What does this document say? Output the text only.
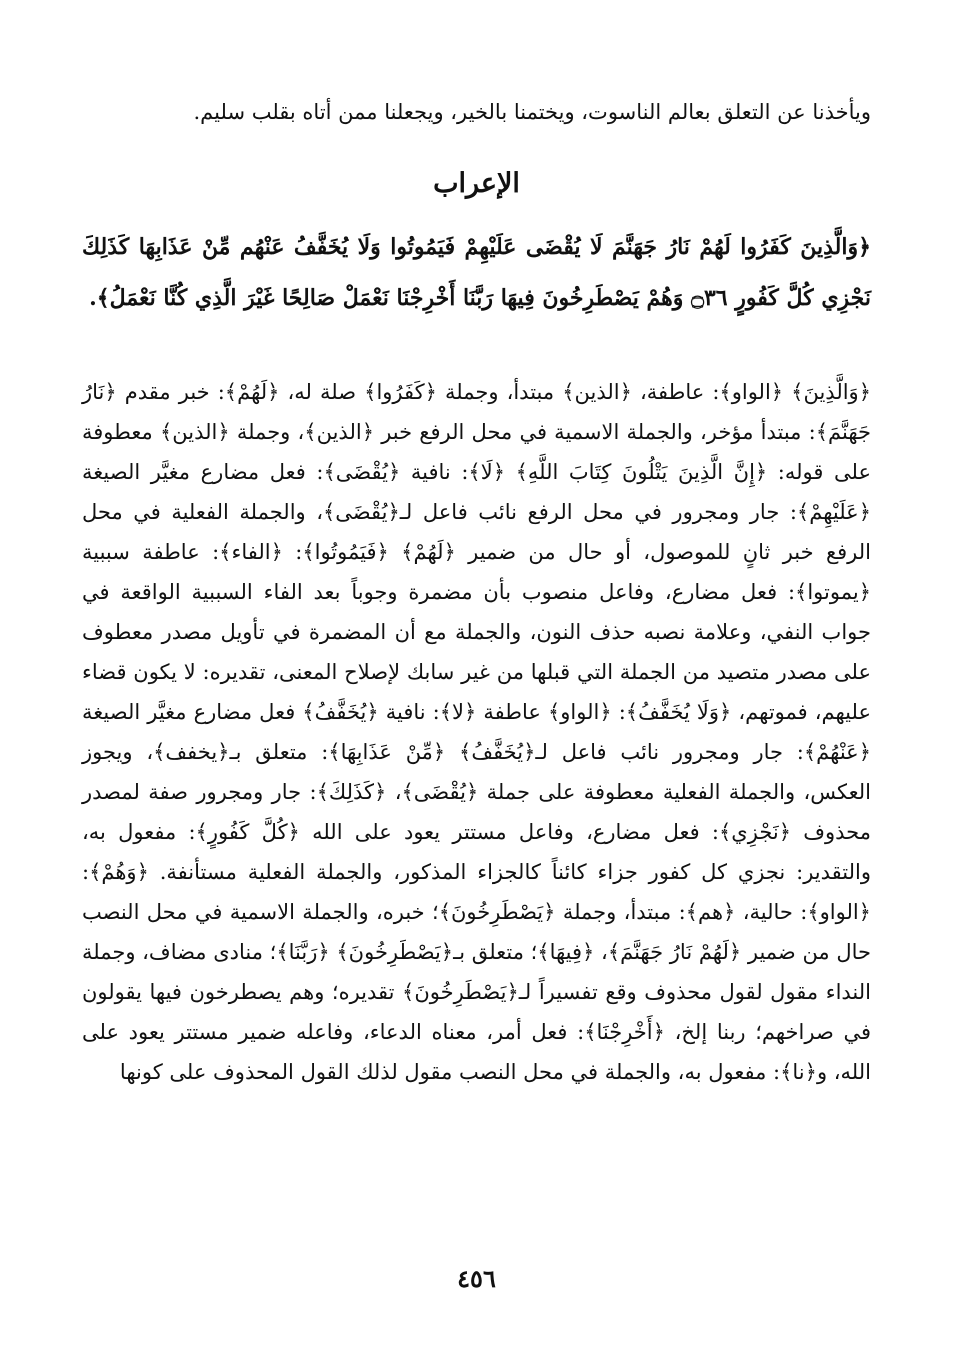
ويأخذنا عن التعلق بعالم الناسوت، ويختمنا بالخير، ويجعلنا ممن أتاه بقلب سليم.

الإعراب

﴿وَالَّذِينَ كَفَرُوا لَهُمْ نَارُ جَهَنَّمَ لَا يُقْضَى عَلَيْهِمْ فَيَمُوتُوا وَلَا يُخَفَّفُ عَنْهُم مِّنْ عَذَابِهَا كَذَلِكَ نَجْزِي كُلَّ كَفُورٍ ۝٣٦ وَهُمْ يَصْطَرِخُونَ فِيهَا رَبَّنَا أَخْرِجْنَا نَعْمَلْ صَالِحًا غَيْرَ الَّذِي كُنَّا نَعْمَلُ﴾.

﴿وَالَّذِينَ﴾ ﴿الواو﴾: عاطفة، ﴿الذين﴾ مبتدأ، وجملة ﴿كَفَرُوا﴾ صلة له، ﴿لَهُمْ﴾: خبر مقدم ﴿نَارُ جَهَنَّمَ﴾: مبتدأ مؤخر، والجملة الاسمية في محل الرفع خبر ﴿الذين﴾، وجملة ﴿الذين﴾ معطوفة على قوله: ﴿إِنَّ الَّذِينَ يَتْلُونَ كِتَابَ اللَّهِ﴾ ﴿لَا﴾: نافية ﴿يُقْضَى﴾: فعل مضارع مغيَّر الصيغة ﴿عَلَيْهِمْ﴾: جار ومجرور في محل الرفع نائب فاعل لـ﴿يُقْضَى﴾، والجملة الفعلية في محل الرفع خبر ثانٍ للموصول، أو حال من ضمير ﴿لَهُمْ﴾ ﴿فَيَمُوتُوا﴾: ﴿الفاء﴾: عاطفة سببية ﴿يموتوا﴾: فعل مضارع، وفاعل منصوب بأن مضمرة وجوباً بعد الفاء السببية الواقعة في جواب النفي، وعلامة نصبه حذف النون، والجملة مع أن المضمرة في تأويل مصدر معطوف على مصدر متصيد من الجملة التي قبلها من غير سابك لإصلاح المعنى، تقديره: لا يكون قضاء عليهم، فموتهم، ﴿وَلَا يُخَفَّفُ﴾: ﴿الواو﴾ عاطفة ﴿لا﴾: نافية ﴿يُخَفَّفُ﴾ فعل مضارع مغيَّر الصيغة ﴿عَنْهُمْ﴾: جار ومجرور نائب فاعل لـ﴿يُخَفَّفُ﴾ ﴿مِّنْ عَذَابِهَا﴾: متعلق بـ﴿يخفف﴾، ويجوز العكس، والجملة الفعلية معطوفة على جملة ﴿يُقْضَى﴾، ﴿كَذَلِكَ﴾: جار ومجرور صفة لمصدر محذوف ﴿نَجْزِي﴾: فعل مضارع، وفاعل مستتر يعود على الله ﴿كُلَّ كَفُورٍ﴾: مفعول به، والتقدير: نجزي كل كفور جزاء كائناً كالجزاء المذكور، والجملة الفعلية مستأنفة. ﴿وَهُمْ﴾: ﴿الواو﴾: حالية، ﴿هم﴾: مبتدأ، وجملة ﴿يَصْطَرِخُونَ﴾؛ خبره، والجملة الاسمية في محل النصب حال من ضمير ﴿لَهُمْ نَارُ جَهَنَّمَ﴾، ﴿فِيهَا﴾؛ متعلق بـ﴿يَصْطَرِخُونَ﴾ ﴿رَبَّنَا﴾؛ منادى مضاف، وجملة النداء مقول لقول محذوف وقع تفسيراً لـ﴿يَصْطَرِخُونَ﴾ تقديره؛ وهم يصطرخون فيها يقولون في صراخهم؛ ربنا إلخ، ﴿أَخْرِجْنَا﴾: فعل أمر، معناه الدعاء، وفاعله ضمير مستتر يعود على الله، و﴿نا﴾: مفعول به، والجملة في محل النصب مقول لذلك القول المحذوف على كونها

٤٥٦
